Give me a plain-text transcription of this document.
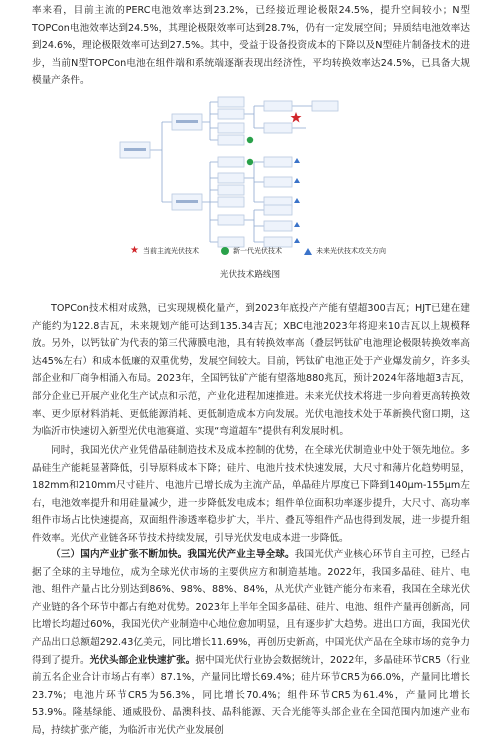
率来看，目前主流的PERC电池效率达到23.2%，已经接近理论极限24.5%，提升空间较小；N型TOPCon电池效率达到24.5%，其理论极限效率可达到28.7%，仍有一定发展空间；异质结电池效率达到24.6%，理论极限效率可达到27.5%。其中，受益于设备投资成本的下降以及N型硅片制备技术的进步，当前N型TOPCon电池在组件端和系统端逐渐表现出经济性，平均转换效率达24.5%，已具备大规模量产条件。

★ 当前主流光伏技术	新一代光伏技术	未来光伏技术攻关方向
光伏技术路线图

TOPCon技术相对成熟，已实现规模化量产，到2023年底投产产能有望超300吉瓦；HJT已建在建产能约为122.8吉瓦，未来规划产能可达到135.34吉瓦；XBC电池2023年将迎来10吉瓦以上规模释放。另外，以钙钛矿为代表的第三代薄膜电池，具有转换效率高（叠层钙钛矿电池理论极限转换效率高达45%左右）和成本低廉的双重优势，发展空间较大。目前，钙钛矿电池正处于产业爆发前夕，许多头部企业和厂商争相涌入布局。2023年，全国钙钛矿产能有望落地880兆瓦，预计2024年落地超3吉瓦，部分企业已开展产业化生产试点和示范，产业化进程加速推进。未来光伏技术将进一步向着更高转换效率、更少原材料消耗、更低能源消耗、更低制造成本方向发展。光伏电池技术处于革新换代窗口期，这为临沂市快速切入新型光伏电池赛道、实现“弯道超车”提供有利发展时机。

同时，我国光伏产业凭借晶硅制造技术及成本控制的优势，在全球光伏制造业中处于领先地位。多晶硅生产能耗显著降低，引导原料成本下降；硅片、电池片技术快速发展，大尺寸和薄片化趋势明显，182mm和210mm尺寸硅片、电池片已增长成为主流产品，单晶硅片厚度已下降到140μm-155μm左右，电池效率提升和用硅量减少，进一步降低发电成本；组件单位面积功率逐步提升，大尺寸、高功率组件市场占比快速提高，双面组件渗透率稳步扩大，半片、叠瓦等组件产品也得到发展，进一步提升组件效率。光伏产业链各环节技术持续发展，引导光伏发电成本进一步降低。

（三）国内产业扩张不断加快。我国光伏产业主导全球。我国光伏产业核心环节自主可控，已经占据了全球的主导地位，成为全球光伏市场的主要供应方和制造基地。2022年，我国多晶硅、硅片、电池、组件产量占比分别达到86%、98%、88%、84%，从光伏产业链产能分布来看，我国在全球光伏产业链的各个环节中都占有绝对优势。2023年上半年全国多晶硅、硅片、电池、组件产量再创新高，同比增长均超过60%，我国光伏产业制造中心地位愈加明显，且有逐步扩大趋势。进出口方面，我国光伏产品出口总额超292.43亿美元，同比增长11.69%，再创历史新高，中国光伏产品在全球市场的竞争力得到了提升。光伏头部企业快速扩张。据中国光伏行业协会数据统计，2022年，多晶硅环节CR5（行业前五名企业合计市场占有率）87.1%，产量同比增长69.4%；硅片环节CR5为66.0%，产量同比增长23.7%；电池片环节CR5为56.3%，同比增长70.4%；组件环节CR5为61.4%，产量同比增长53.9%。隆基绿能、通威股份、晶澳科技、晶科能源、天合光能等头部企业在全国范围内加速产业布局，持续扩张产能，为临沂市光伏产业发展创
